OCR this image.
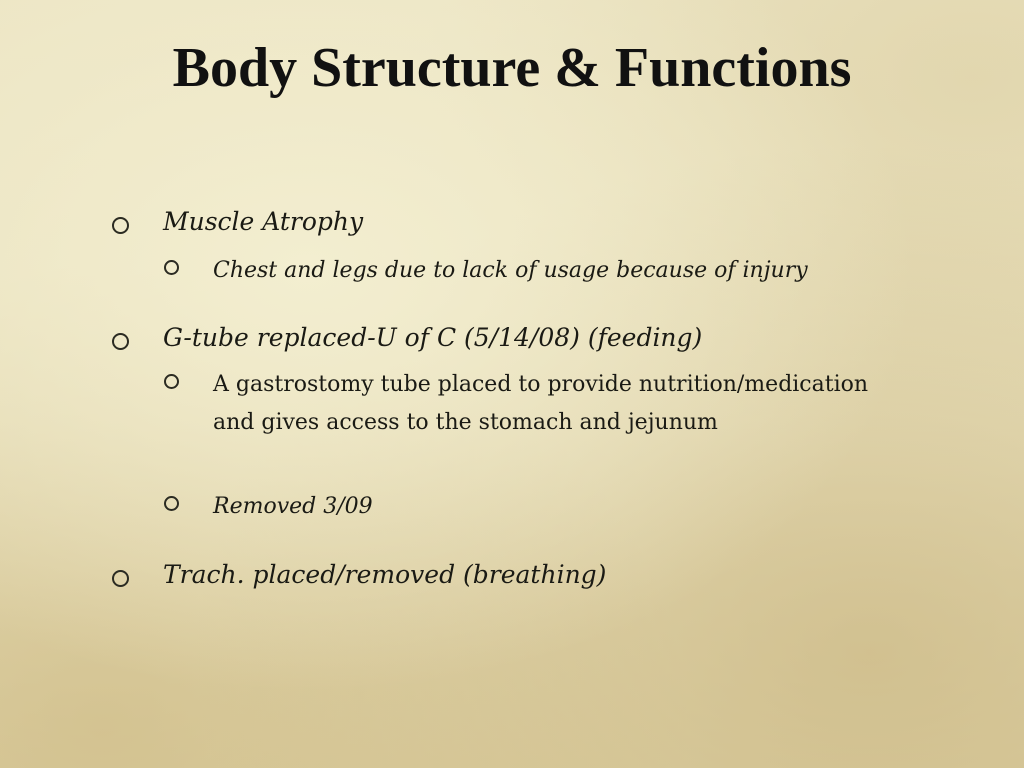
Body Structure & Functions
Muscle Atrophy
Chest and legs due to lack of usage because of injury
G-tube replaced-U of C (5/14/08) (feeding)
A gastrostomy tube placed to provide nutrition/medication and gives access to the stomach and jejunum
Removed 3/09
Trach. placed/removed (breathing)
